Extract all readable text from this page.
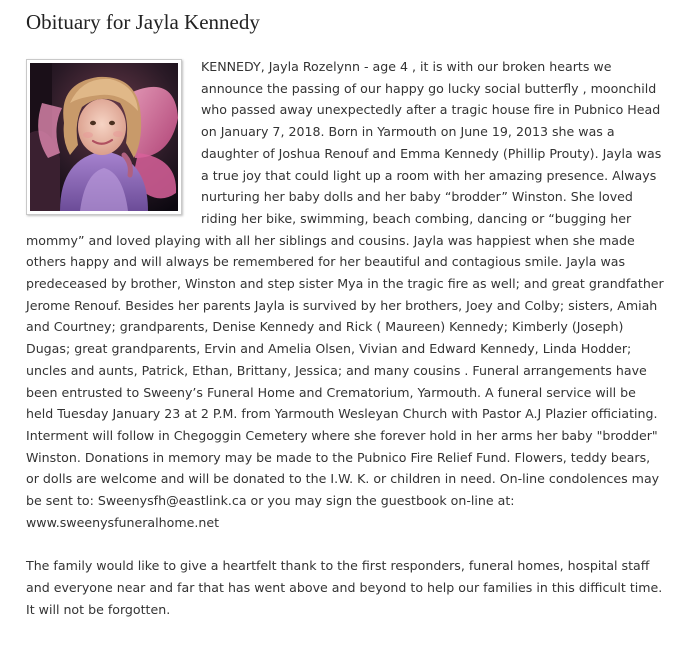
Obituary for Jayla Kennedy

KENNEDY, Jayla Rozelynn - age 4 , it is with our broken hearts we announce the passing of our happy go lucky social butterfly , moonchild who passed away unexpectedly after a tragic house fire in Pubnico Head on January 7, 2018. Born in Yarmouth on June 19, 2013 she was a daughter of Joshua Renouf and Emma Kennedy (Phillip Prouty). Jayla was a true joy that could light up a room with her amazing presence. Always nurturing her baby dolls and her baby “brodder” Winston. She loved riding her bike, swimming, beach combing, dancing or “bugging her mommy” and loved playing with all her siblings and cousins. Jayla was happiest when she made others happy and will always be remembered for her beautiful and contagious smile. Jayla was predeceased by brother, Winston and step sister Mya in the tragic fire as well; and great grandfather Jerome Renouf. Besides her parents Jayla is survived by her brothers, Joey and Colby; sisters, Amiah and Courtney; grandparents, Denise Kennedy and Rick ( Maureen) Kennedy; Kimberly (Joseph) Dugas; great grandparents, Ervin and Amelia Olsen, Vivian and Edward Kennedy, Linda Hodder; uncles and aunts, Patrick, Ethan, Brittany, Jessica; and many cousins . Funeral arrangements have been entrusted to Sweeny’s Funeral Home and Crematorium, Yarmouth. A funeral service will be held Tuesday January 23 at 2 P.M. from Yarmouth Wesleyan Church with Pastor A.J Plazier officiating. Interment will follow in Chegoggin Cemetery where she forever hold in her arms her baby "brodder" Winston. Donations in memory may be made to the Pubnico Fire Relief Fund. Flowers, teddy bears, or dolls are welcome and will be donated to the I.W. K. or children in need. On-line condolences may be sent to: Sweenysfh@eastlink.ca or you may sign the guestbook on-line at: www.sweenysfuneralhome.net

The family would like to give a heartfelt thank to the first responders, funeral homes, hospital staff and everyone near and far that has went above and beyond to help our families in this difficult time. It will not be forgotten.
